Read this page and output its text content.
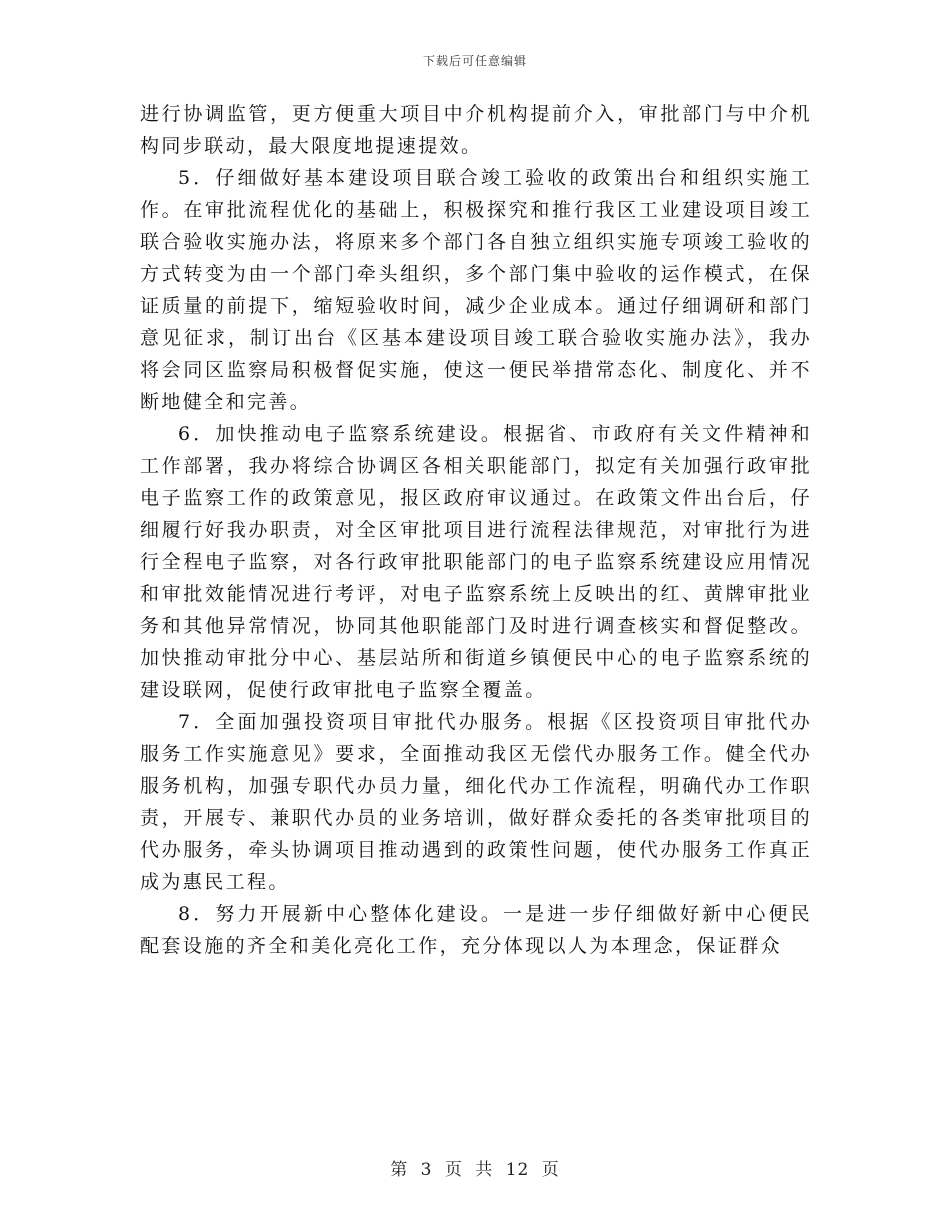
下载后可任意编辑

进行协调监管，更方便重大项目中介机构提前介入，审批部门与中介机构同步联动，最大限度地提速提效。

5．仔细做好基本建设项目联合竣工验收的政策出台和组织实施工作。在审批流程优化的基础上，积极探究和推行我区工业建设项目竣工联合验收实施办法，将原来多个部门各自独立组织实施专项竣工验收的方式转变为由一个部门牵头组织，多个部门集中验收的运作模式，在保证质量的前提下，缩短验收时间，减少企业成本。通过仔细调研和部门意见征求，制订出台《区基本建设项目竣工联合验收实施办法》，我办将会同区监察局积极督促实施，使这一便民举措常态化、制度化、并不断地健全和完善。

6．加快推动电子监察系统建设。根据省、市政府有关文件精神和工作部署，我办将综合协调区各相关职能部门，拟定有关加强行政审批电子监察工作的政策意见，报区政府审议通过。在政策文件出台后，仔细履行好我办职责，对全区审批项目进行流程法律规范，对审批行为进行全程电子监察，对各行政审批职能部门的电子监察系统建设应用情况和审批效能情况进行考评，对电子监察系统上反映出的红、黄牌审批业务和其他异常情况，协同其他职能部门及时进行调查核实和督促整改。加快推动审批分中心、基层站所和街道乡镇便民中心的电子监察系统的建设联网，促使行政审批电子监察全覆盖。

7．全面加强投资项目审批代办服务。根据《区投资项目审批代办服务工作实施意见》要求，全面推动我区无偿代办服务工作。健全代办服务机构，加强专职代办员力量，细化代办工作流程，明确代办工作职责，开展专、兼职代办员的业务培训，做好群众委托的各类审批项目的代办服务，牵头协调项目推动遇到的政策性问题，使代办服务工作真正成为惠民工程。

8．努力开展新中心整体化建设。一是进一步仔细做好新中心便民配套设施的齐全和美化亮化工作，充分体现以人为本理念，保证群众

第 3 页 共 12 页
